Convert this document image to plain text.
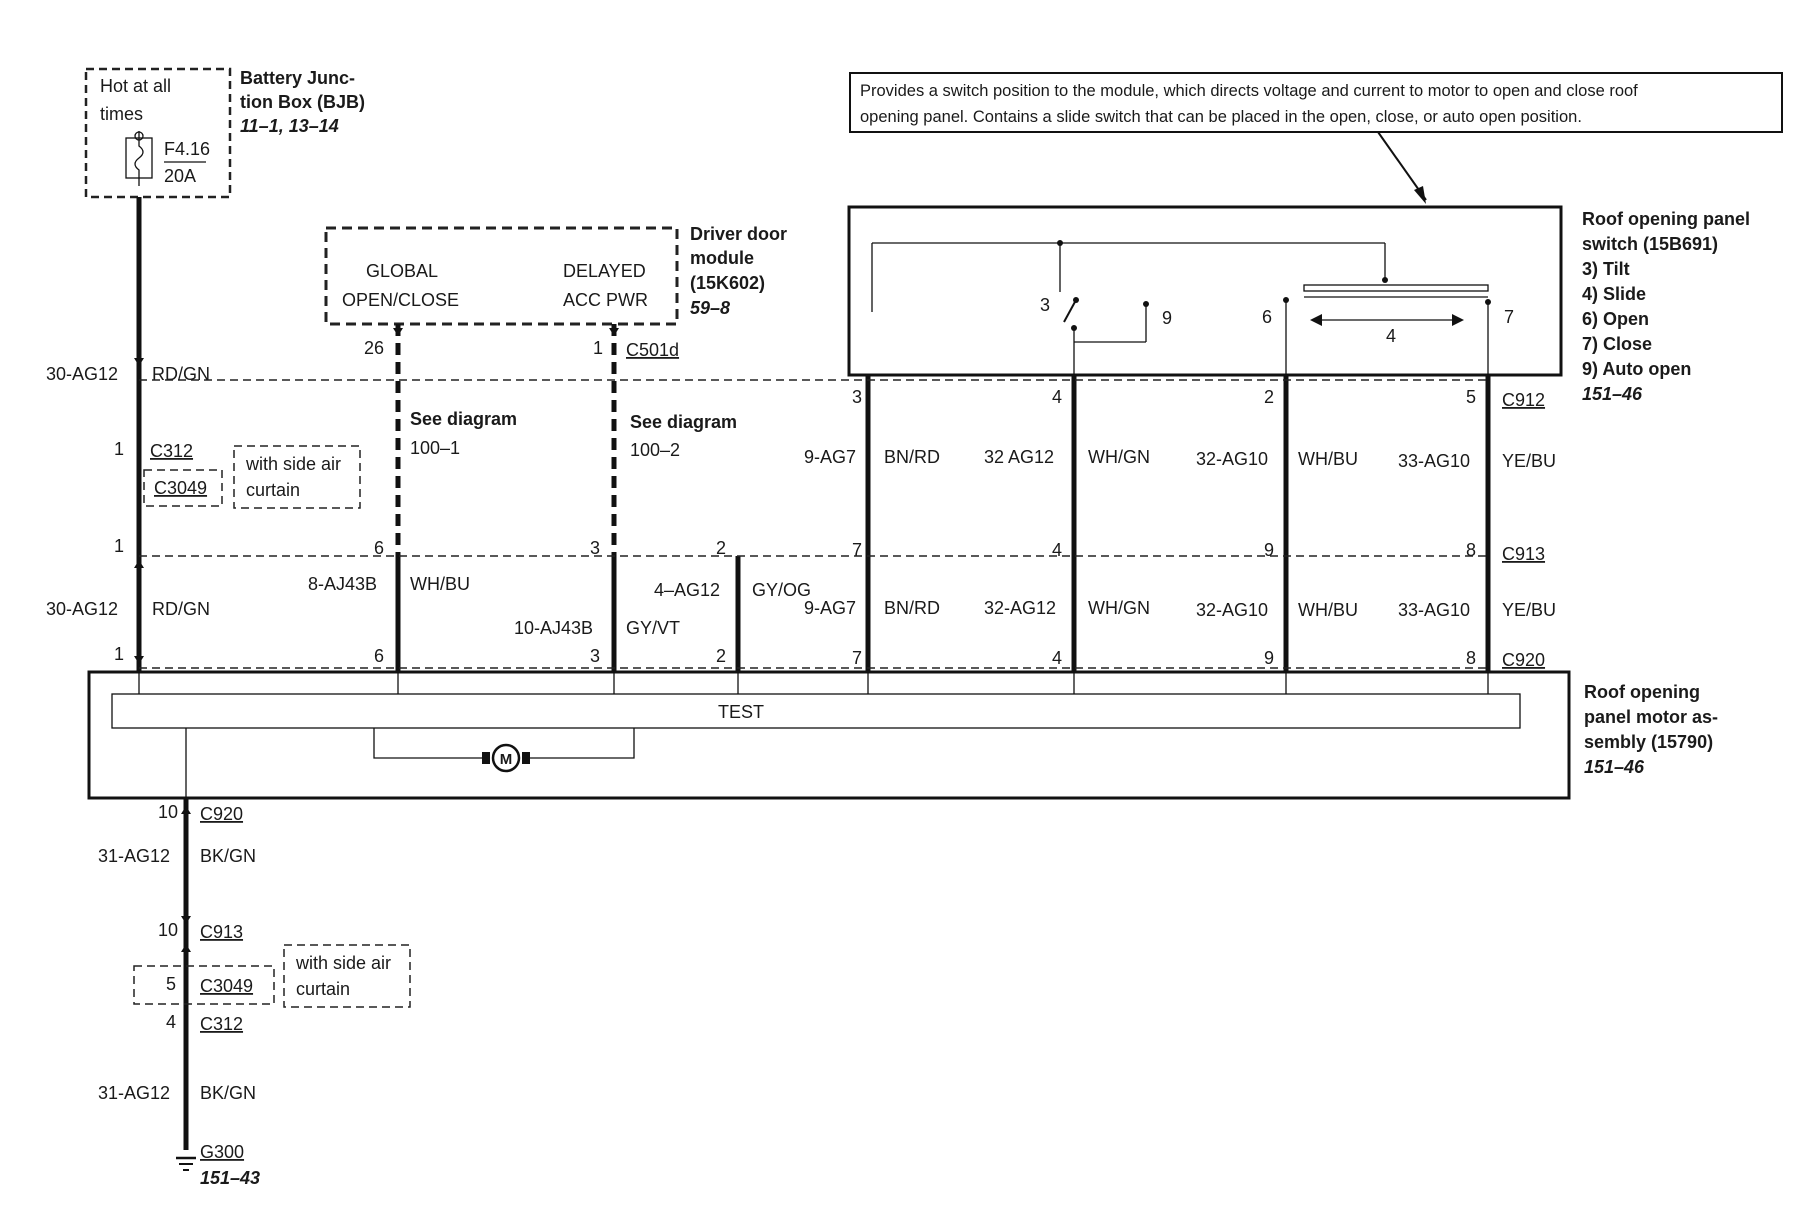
Hot at all
times
F4.16
20A
Battery Junc-
tion Box (BJB)
11–1, 13–14
30-AG12 RD/GN
1
1
30-AG12 RD/GN
1
C312
C3049
with side air
curtain
GLOBAL
OPEN/CLOSE
DELAYED
ACC PWR
Driver door
module
(15K602)
59–8
26	1 C501d
See diagram
100–1
See diagram
100–2
6	3	2
8-AJ43B WH/BU
10-AJ43B GY/VT
4–AG12 GY/OG
6	3	2
Provides a switch position to the module, which directs voltage and current to motor to open and close roof
opening panel. Contains a slide switch that can be placed in the open, close, or auto open position.
3
9
4
6	7
Roof opening panel
switch (15B691)
3) Tilt
4) Slide
6) Open
7) Close
9) Auto open
151–46
3	4	2	5 C912
9-AG7 BN/RD 32 AG12 WH/GN	32-AG10 WH/BU 33-AG10 YE/BU
7	4	9	8 C913
9-AG7 BN/RD 32-AG12 WH/GN	32-AG10 WH/BU 33-AG10 YE/BU
7	4	9	8 C920
TEST
M
Roof opening
panel motor as-
sembly (15790)
151–46
10 C920
31-AG12 BK/GN
10 C913
5 C3049
with side air
curtain
4 C312
31-AG12 BK/GN
G300
151–43
